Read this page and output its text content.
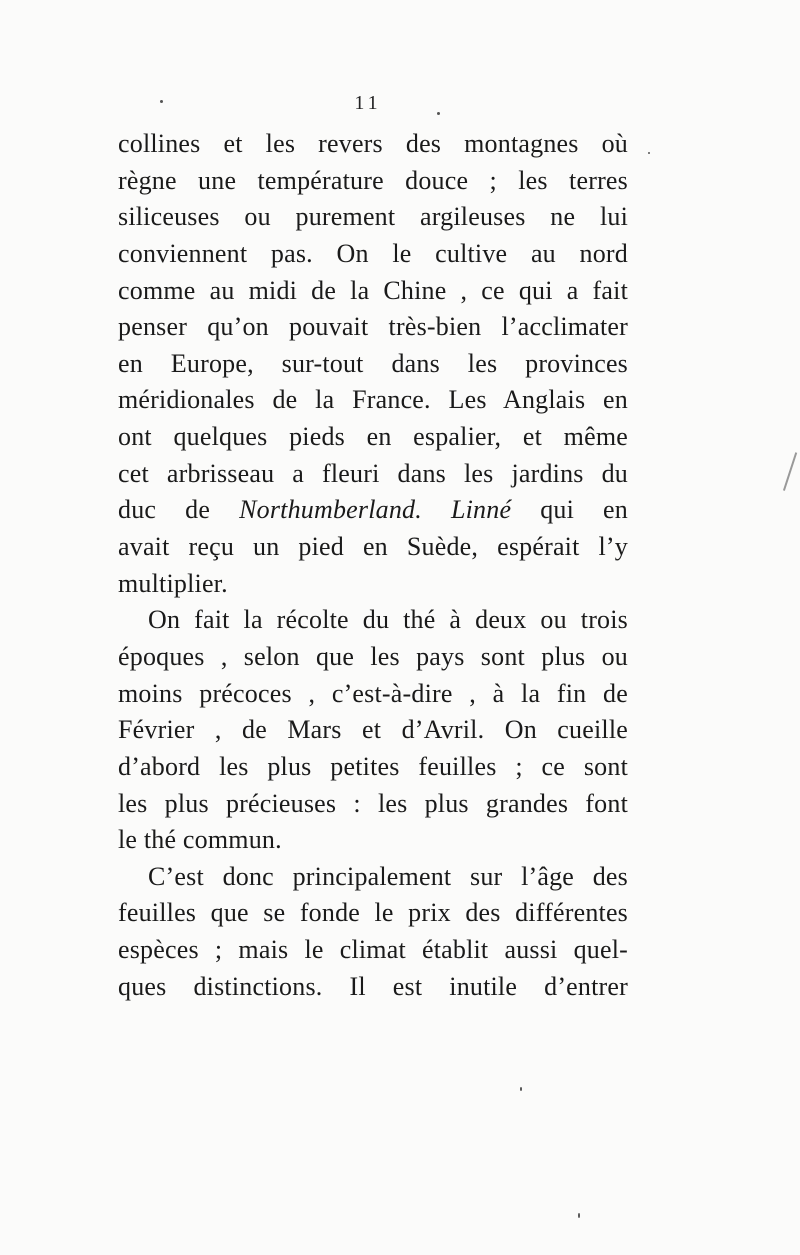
11
collines et les revers des montagnes où
règne une température douce ; les terres
siliceuses ou purement argileuses ne lui
conviennent pas. On le cultive au nord
comme au midi de la Chine , ce qui a fait
penser qu’on pouvait très-bien l’acclimater
en Europe, sur-tout dans les provinces
méridionales de la France. Les Anglais en
ont quelques pieds en espalier, et même
cet arbrisseau a fleuri dans les jardins du
duc de Northumberland. Linné qui en
avait reçu un pied en Suède, espérait l’y
multiplier.
On fait la récolte du thé à deux ou trois
époques , selon que les pays sont plus ou
moins précoces , c’est-à-dire , à la fin de
Février , de Mars et d’Avril. On cueille
d’abord les plus petites feuilles ; ce sont
les plus précieuses : les plus grandes font
le thé commun.
C’est donc principalement sur l’âge des
feuilles que se fonde le prix des différentes
espèces ; mais le climat établit aussi quel-
ques distinctions. Il est inutile d’entrer
